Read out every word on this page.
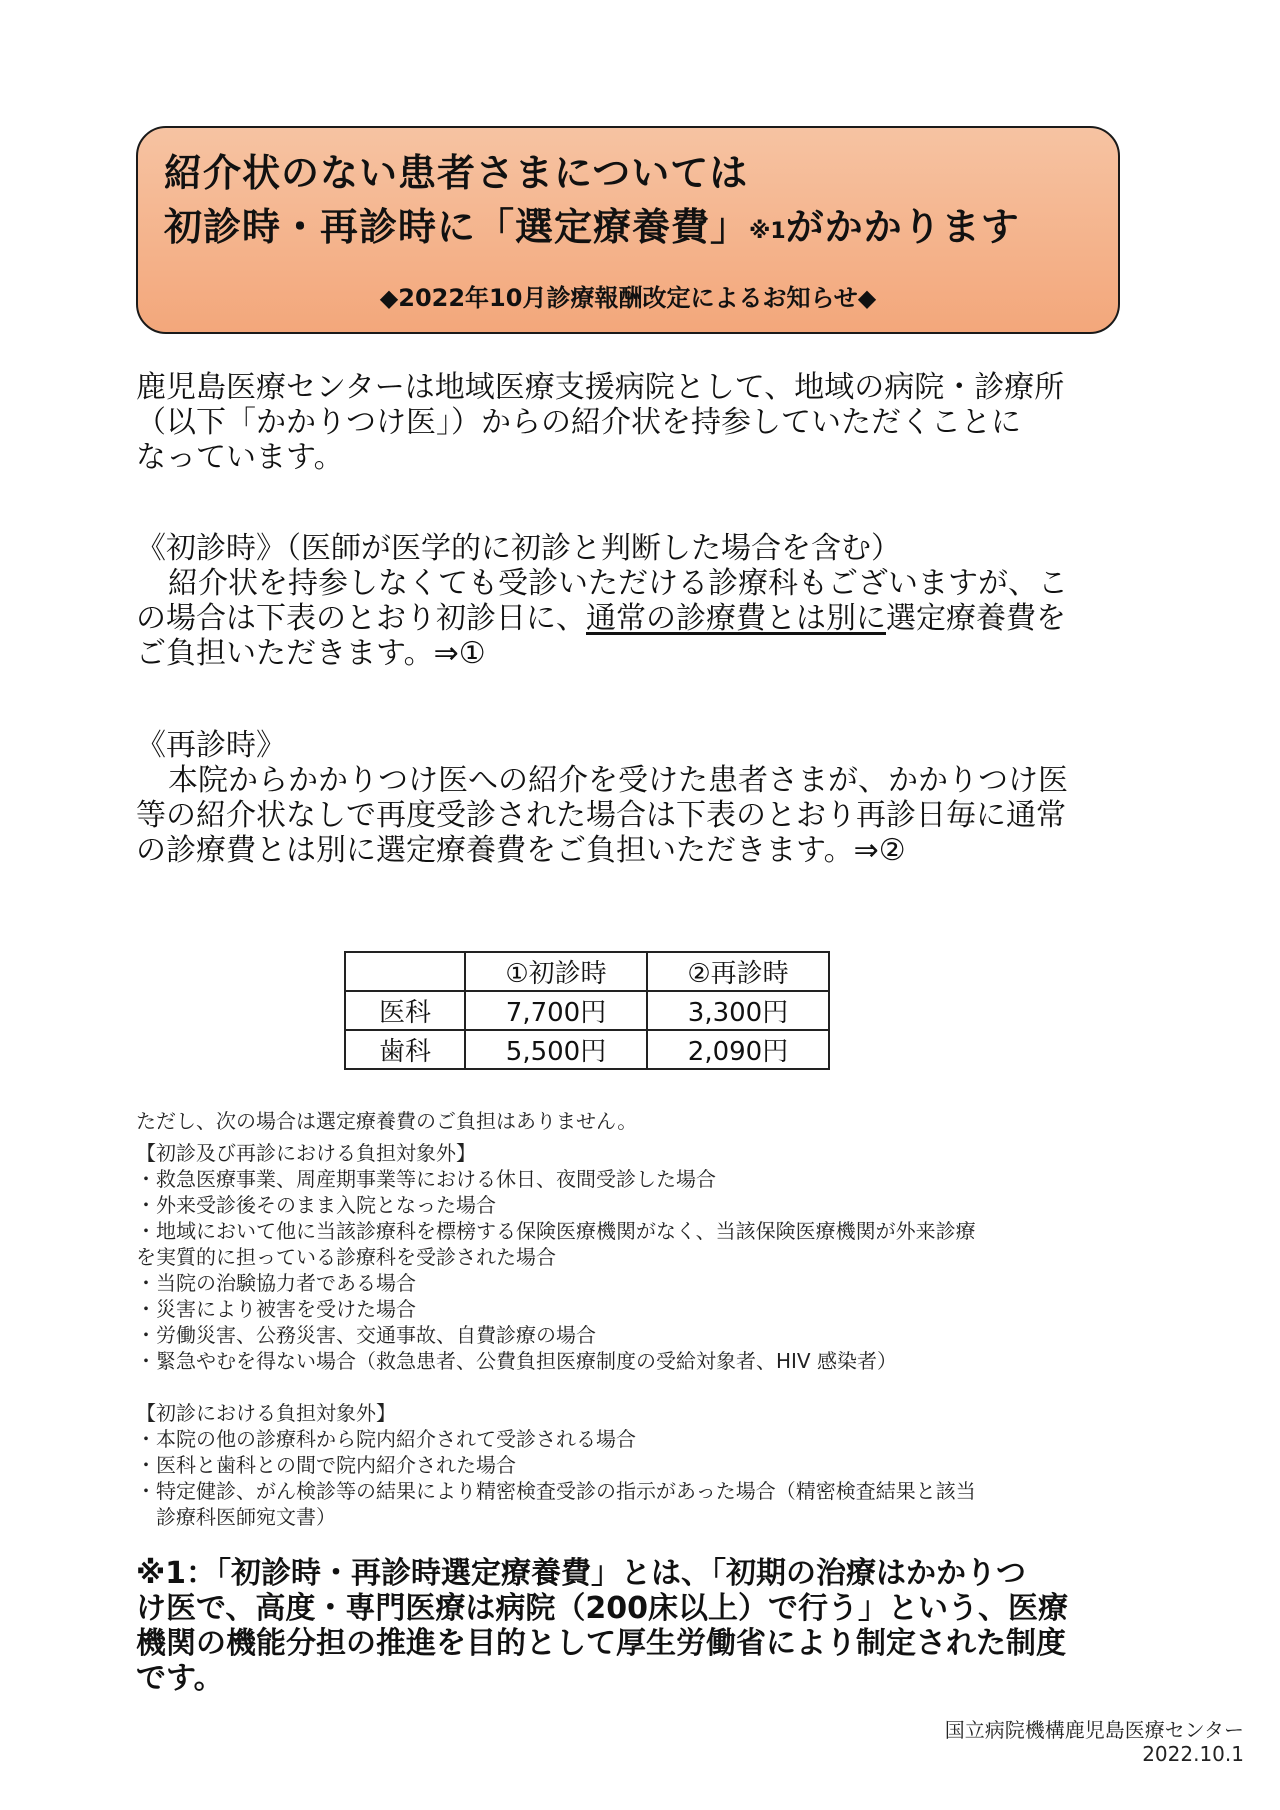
紹介状のない患者さまについては
初診時・再診時に「選定療養費」※1がかかります
◆2022年10月診療報酬改定によるお知らせ◆
鹿児島医療センターは地域医療支援病院として、地域の病院・診療所
（以下「かかりつけ医」）からの紹介状を持参していただくことに
なっています。
《初診時》（医師が医学的に初診と判断した場合を含む）
紹介状を持参しなくても受診いただける診療科もございますが、こ
の場合は下表のとおり初診日に、通常の診療費とは別に選定療養費を
ご負担いただきます。⇒①
《再診時》
本院からかかりつけ医への紹介を受けた患者さまが、かかりつけ医
等の紹介状なしで再度受診された場合は下表のとおり再診日毎に通常
の診療費とは別に選定療養費をご負担いただきます。⇒②
	①初診時	②再診時
医科	7,700円	3,300円
歯科	5,500円	2,090円
ただし、次の場合は選定療養費のご負担はありません。
【初診及び再診における負担対象外】
・救急医療事業、周産期事業等における休日、夜間受診した場合
・外来受診後そのまま入院となった場合
・地域において他に当該診療科を標榜する保険医療機関がなく、当該保険医療機関が外来診療
を実質的に担っている診療科を受診された場合
・当院の治験協力者である場合
・災害により被害を受けた場合
・労働災害、公務災害、交通事故、自費診療の場合
・緊急やむを得ない場合（救急患者、公費負担医療制度の受給対象者、HIV 感染者）
【初診における負担対象外】
・本院の他の診療科から院内紹介されて受診される場合
・医科と歯科との間で院内紹介された場合
・特定健診、がん検診等の結果により精密検査受診の指示があった場合（精密検査結果と該当
診療科医師宛文書）
※1：「初診時・再診時選定療養費」とは、「初期の治療はかかりつ
け医で、高度・専門医療は病院（200床以上）で行う」という、医療
機関の機能分担の推進を目的として厚生労働省により制定された制度
です。
国立病院機構鹿児島医療センター
2022.10.1
